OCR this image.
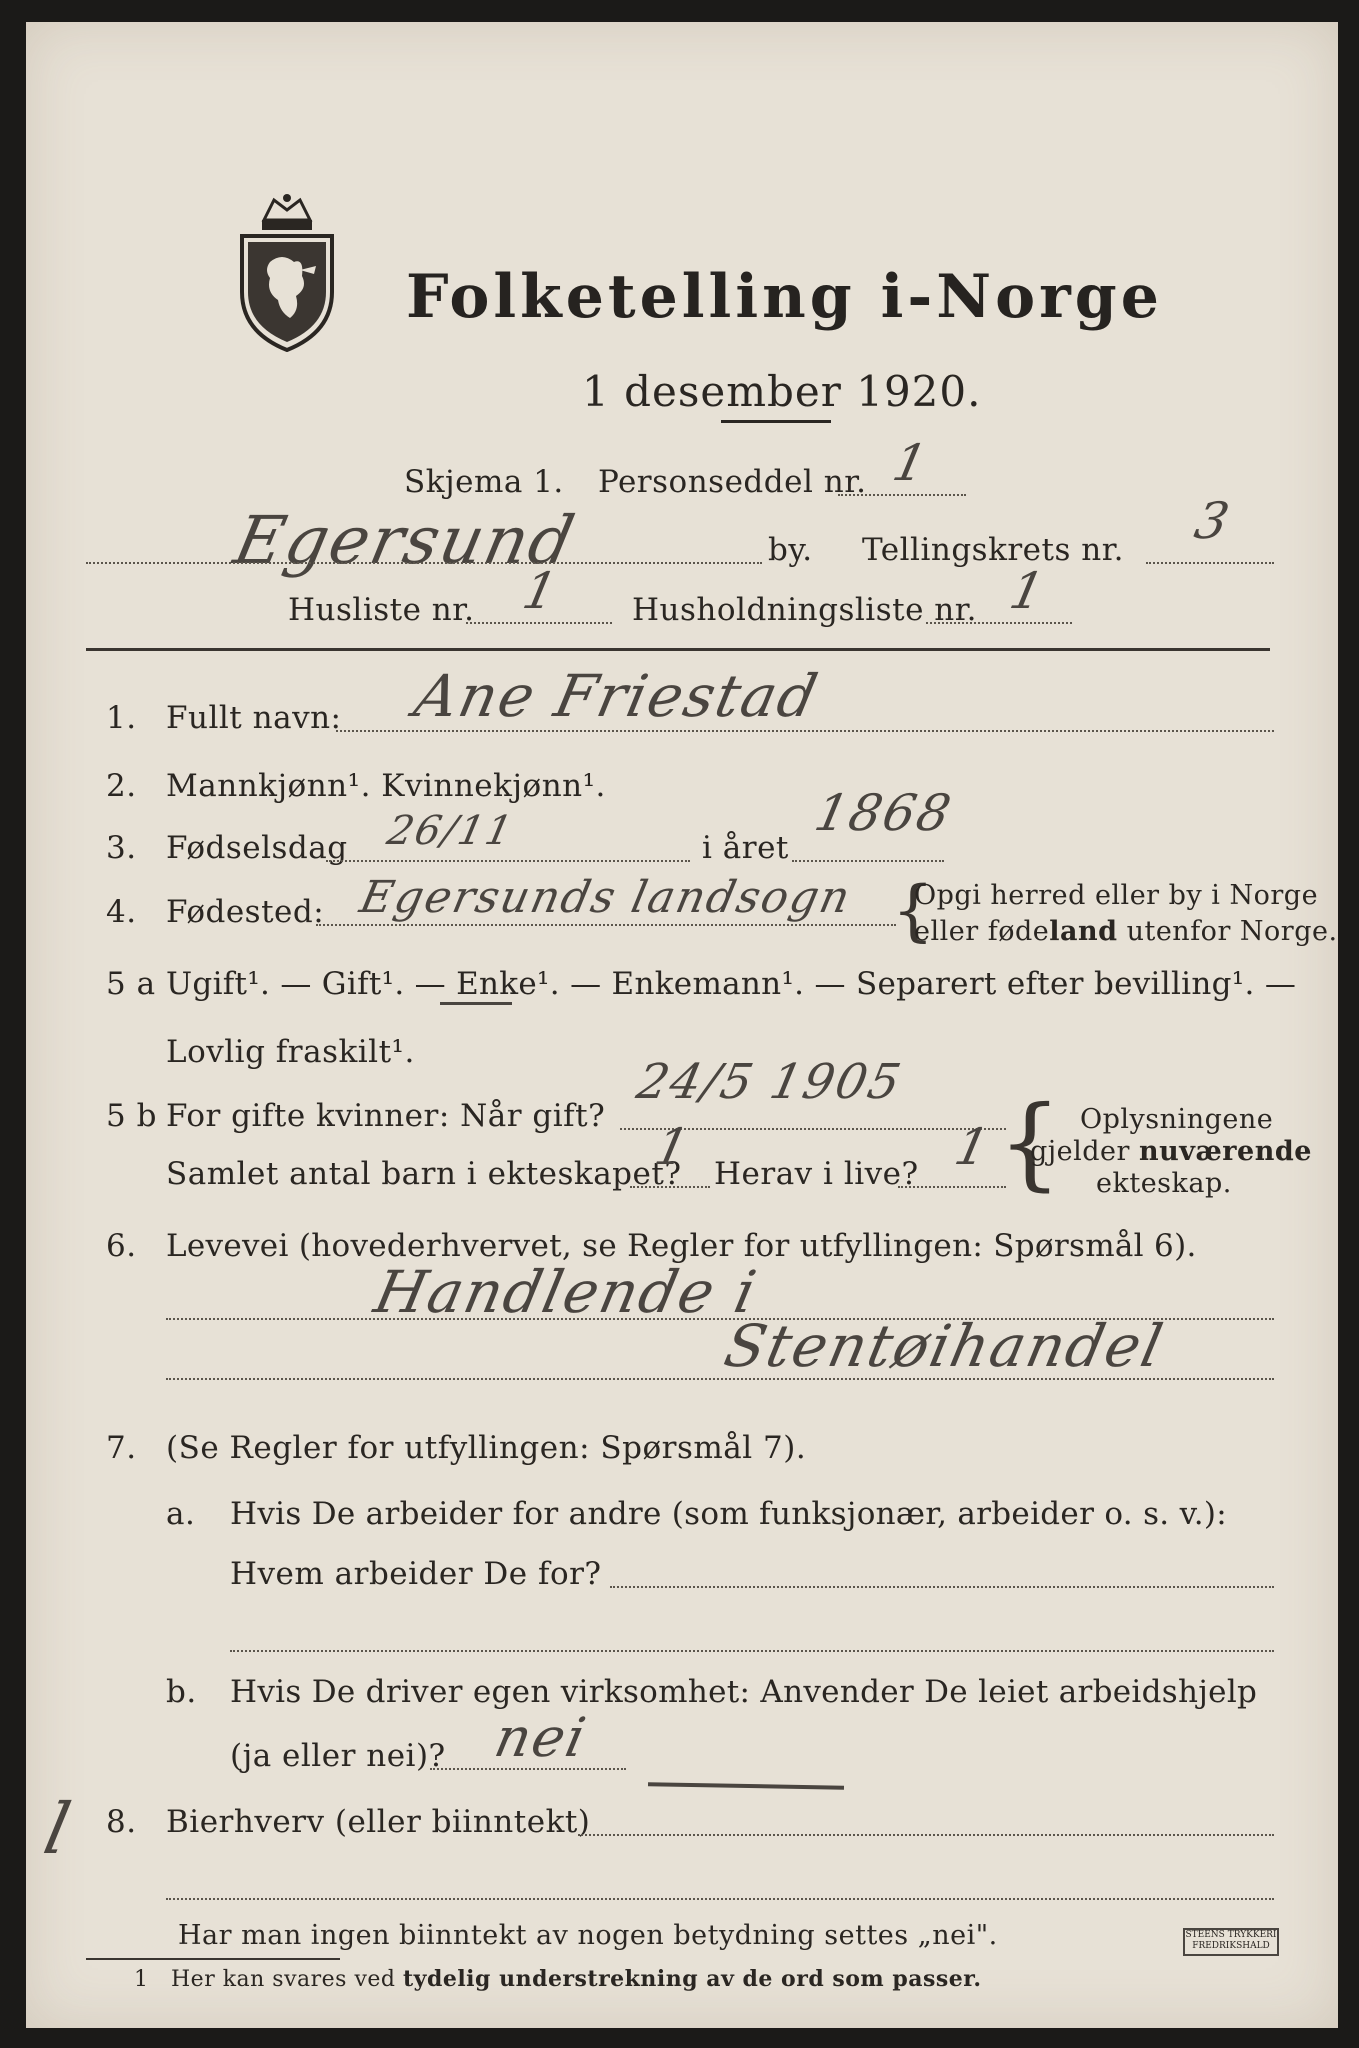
Folketelling i-Norge
1 desember 1920.
Skjema 1. Personseddel nr. 1
Egersund	by. Tellingskrets nr. 3
Husliste nr. 1 Husholdningsliste nr. 1
1. Fullt navn: Ane Friestad
2. Mannkjønn¹. Kvinnekjønn¹.
3. Fødselsdag 26/11	i året
1868
4. Fødested: Egersunds landsogn {
Opgi herred eller by i Norge
eller fødeland utenfor Norge.
5 a Ugift¹. — Gift¹. — Enke¹. — Enkemann¹. — Separert efter bevilling¹. —
Lovlig fraskilt¹.
5 b For gifte kvinner: Når gift?
24/5 1905
Samlet antal barn i ekteskapet?
1 Herav i live? 1 { Oplysningene
gjelder nuværende
ekteskap.
6. Levevei (hovederhvervet, se Regler for utfyllingen: Spørsmål 6).
Handlende i
Stentøihandel
7. (Se Regler for utfyllingen: Spørsmål 7).
a. Hvis De arbeider for andre (som funksjonær, arbeider o. s. v.):
Hvem arbeider De for?
b. Hvis De driver egen virksomhet: Anvender De leiet arbeidshjelp
(ja eller nei)? nei
l 8. Bierhverv (eller biinntekt)
Har man ingen biinntekt av nogen betydning settes „nei".
1 Her kan svares ved tydelig understrekning av de ord som passer.
STEENS TRYKKERI FREDRIKSHALD
